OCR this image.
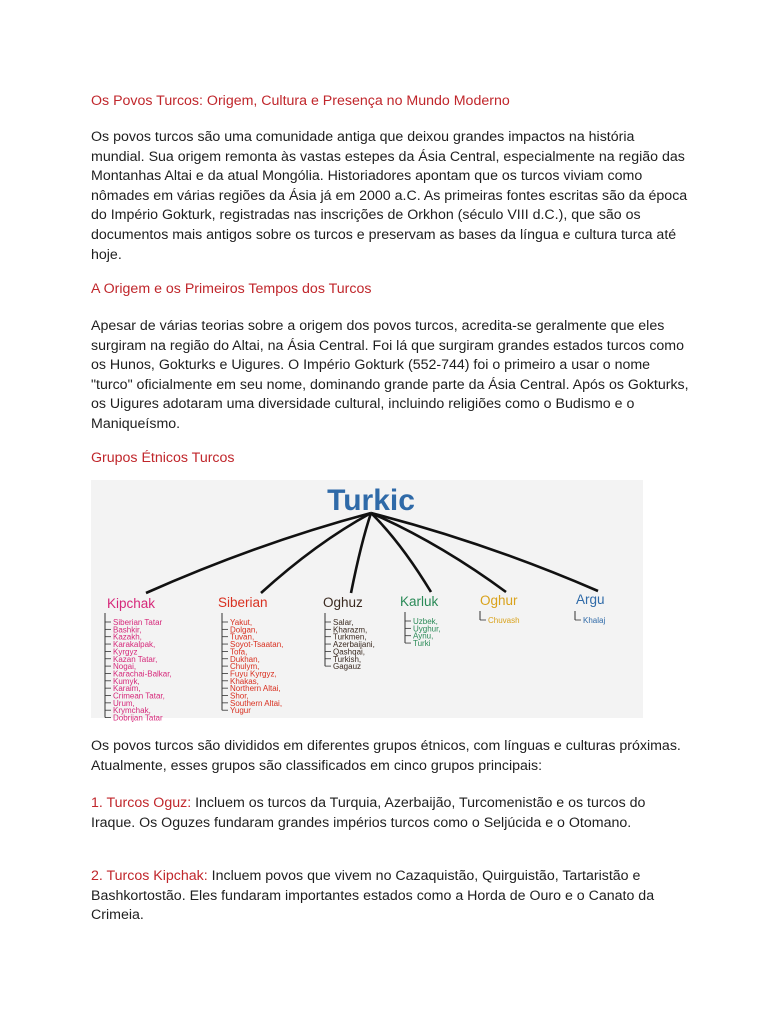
Os Povos Turcos: Origem, Cultura e Presença no Mundo Moderno

Os povos turcos são uma comunidade antiga que deixou grandes impactos na história mundial. Sua origem remonta às vastas estepes da Ásia Central, especialmente na região das Montanhas Altai e da atual Mongólia. Historiadores apontam que os turcos viviam como nômades em várias regiões da Ásia já em 2000 a.C. As primeiras fontes escritas são da época do Império Gokturk, registradas nas inscrições de Orkhon (século VIII d.C.), que são os documentos mais antigos sobre os turcos e preservam as bases da língua e cultura turca até hoje.

A Origem e os Primeiros Tempos dos Turcos

Apesar de várias teorias sobre a origem dos povos turcos, acredita-se geralmente que eles surgiram na região do Altai, na Ásia Central. Foi lá que surgiram grandes estados turcos como os Hunos, Gokturks e Uigures. O Império Gokturk (552-744) foi o primeiro a usar o nome "turco" oficialmente em seu nome, dominando grande parte da Ásia Central. Após os Gokturks, os Uigures adotaram uma diversidade cultural, incluindo religiões como o Budismo e o Maniqueísmo.

Grupos Étnicos Turcos
Turkic
Kipchak
Siberian Tatar
Bashkir,
Kazakh,
Karakalpak,
Kyrgyz
Kazan Tatar,
Nogai,
Karachai-Balkar,
Kumyk,
Karaim,
Crimean Tatar,
Urum,
Krymchak,
Dobrijan Tatar
Siberian
Yakut,
Dolgan,
Tuvan,
Soyot-Tsaatan,
Tofa,
Dukhan,
Chulym,
Fuyu Kyrgyz,
Khakas,
Northern Altai,
Shor,
Southern Altai,
Yugur
Oghuz
Salar,
Kharazm,
Turkmen,
Azerbaijani,
Qashqai,
Turkish,
Gagauz
Karluk
Uzbek,
Uyghur,
Aynu,
Turki
Oghur
Chuvash
Argu
Khalaj

Os povos turcos são divididos em diferentes grupos étnicos, com línguas e culturas próximas. Atualmente, esses grupos são classificados em cinco grupos principais:

1. Turcos Oguz: Incluem os turcos da Turquia, Azerbaijão, Turcomenistão e os turcos do Iraque. Os Oguzes fundaram grandes impérios turcos como o Seljúcida e o Otomano.

2. Turcos Kipchak: Incluem povos que vivem no Cazaquistão, Quirguistão, Tartaristão e Bashkortostão. Eles fundaram importantes estados como a Horda de Ouro e o Canato da Crimeia.
